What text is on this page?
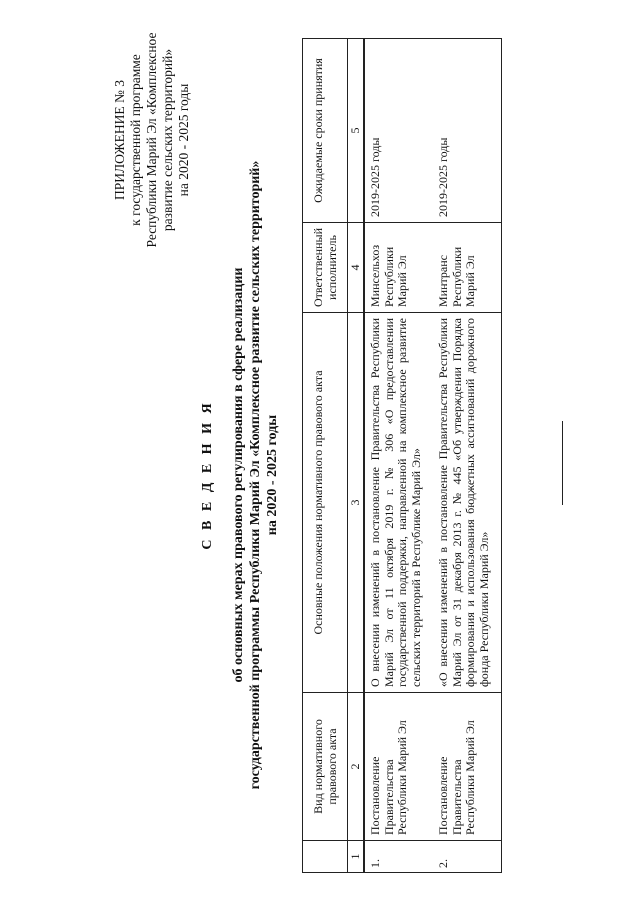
ПРИЛОЖЕНИЕ № 3 к государственной программе Республики Марий Эл «Комплексное развитие сельских территорий» на 2020 - 2025 годы
С В Е Д Е Н И Я об основных мерах правового регулирования в сфере реализации государственной программы Республики Марий Эл «Комплексное развитие сельских территорий» на 2020 - 2025 годы
	Вид нормативного правового акта	Основные положения нормативного правового акта	Ответственный исполнитель	Ожидаемые сроки принятия
1	2	3	4	5
1.	Постановление Правительства Республики Марий Эл	О внесении изменений в постановление Правительства Республики Марий Эл от 11 октября 2019 г. № 306 «О предоставлении государственной поддержки, направленной на комплексное развитие сельских территорий в Республике Марий Эл»	Минсельхоз Республики Марий Эл	2019-2025 годы
2.	Постановление Правительства Республики Марий Эл	«О внесении изменений в постановление Правительства Республики Марий Эл от 31 декабря 2013 г. № 445 «Об утверждении Порядка формирования и использования бюджетных ассигнований дорожного фонда Республики Марий Эл»	Минтранс Республики Марий Эл	2019-2025 годы
